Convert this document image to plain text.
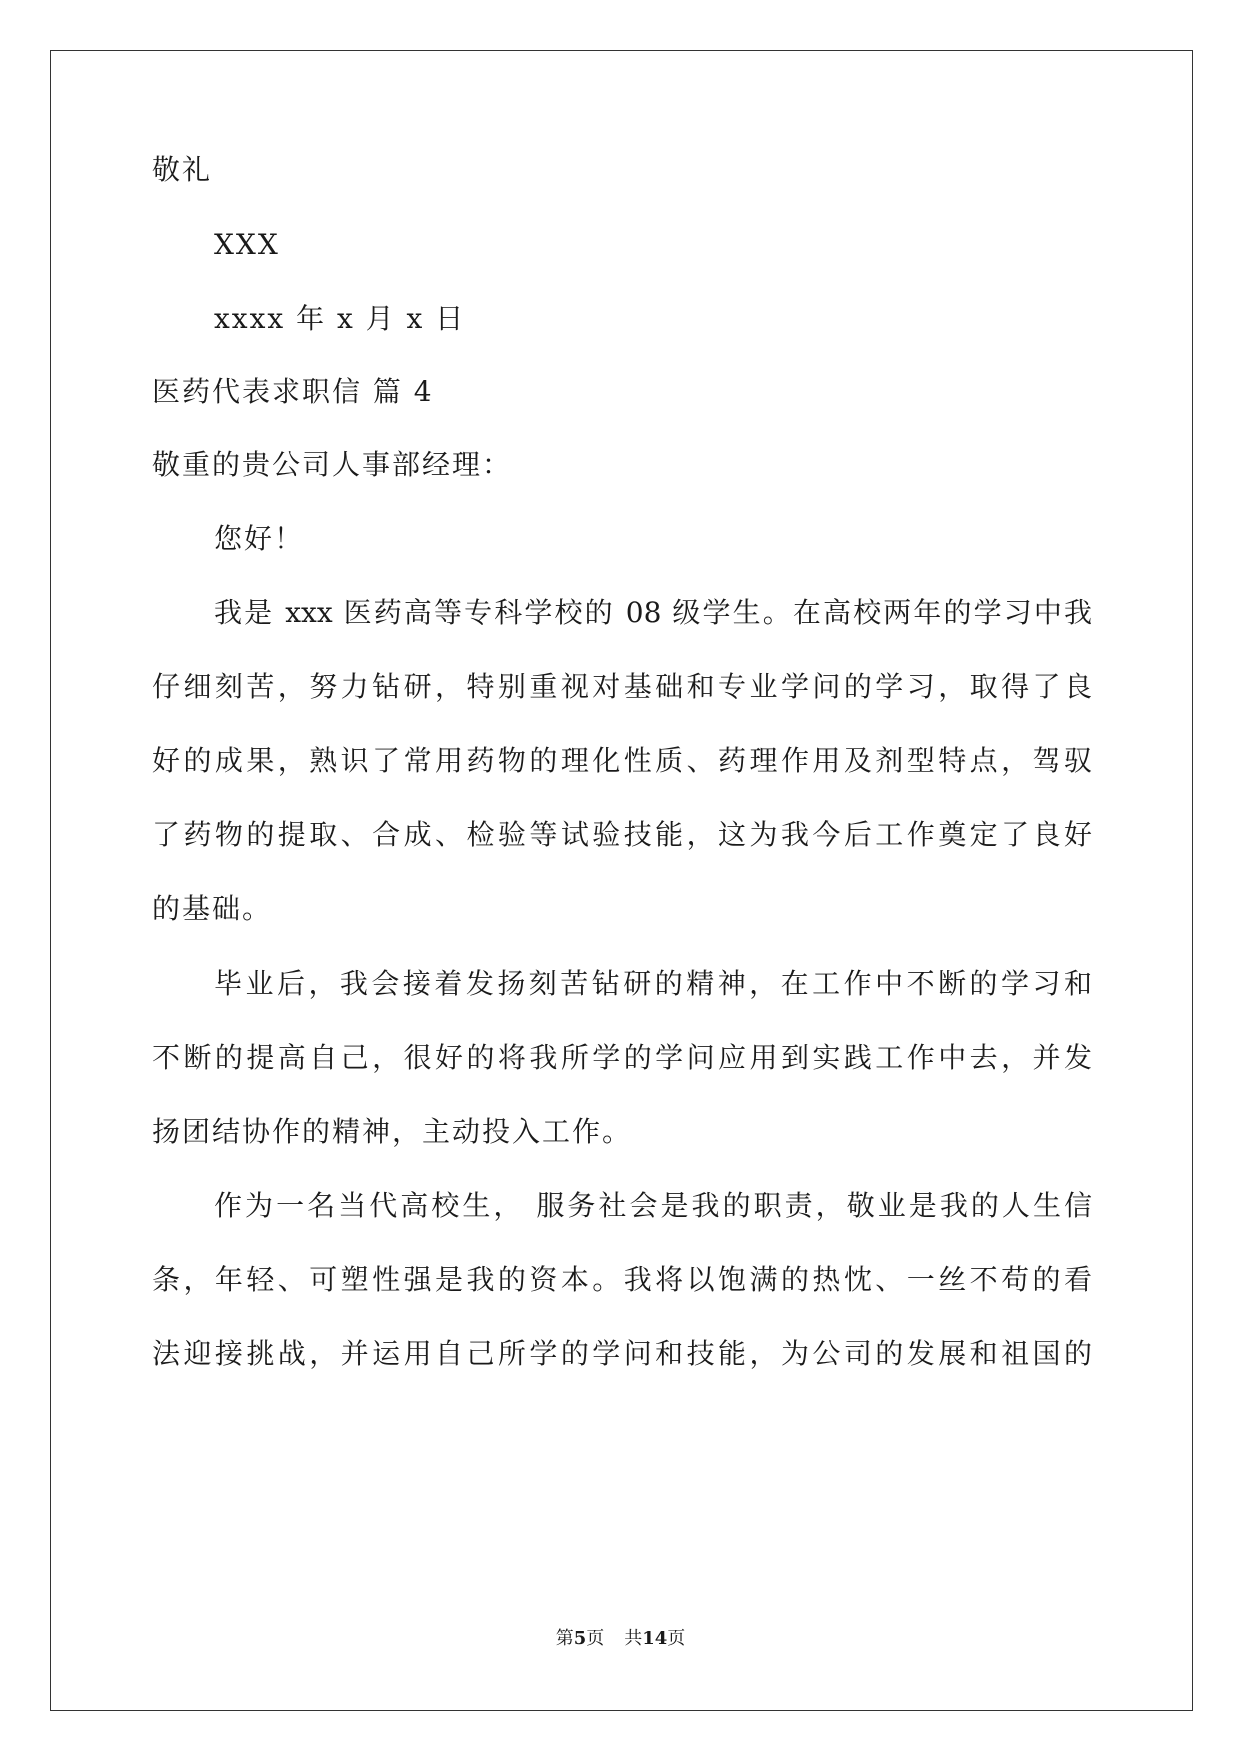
敬礼
XXX
xxxx 年 x 月 x 日
医药代表求职信 篇 4
敬重的贵公司人事部经理：
您好！
我是 xxx 医药高等专科学校的 08 级学生。在高校两年的学习中我
仔细刻苦，努力钻研，特别重视对基础和专业学问的学习，取得了良
好的成果，熟识了常用药物的理化性质、药理作用及剂型特点，驾驭
了药物的提取、合成、检验等试验技能，这为我今后工作奠定了良好
的基础。
毕业后，我会接着发扬刻苦钻研的精神，在工作中不断的学习和
不断的提高自己，很好的将我所学的学问应用到实践工作中去，并发
扬团结协作的精神，主动投入工作。
作为一名当代高校生， 服务社会是我的职责，敬业是我的人生信
条，年轻、可塑性强是我的资本。我将以饱满的热忱、一丝不苟的看
法迎接挑战，并运用自己所学的学问和技能，为公司的发展和祖国的
第5页 共14页
